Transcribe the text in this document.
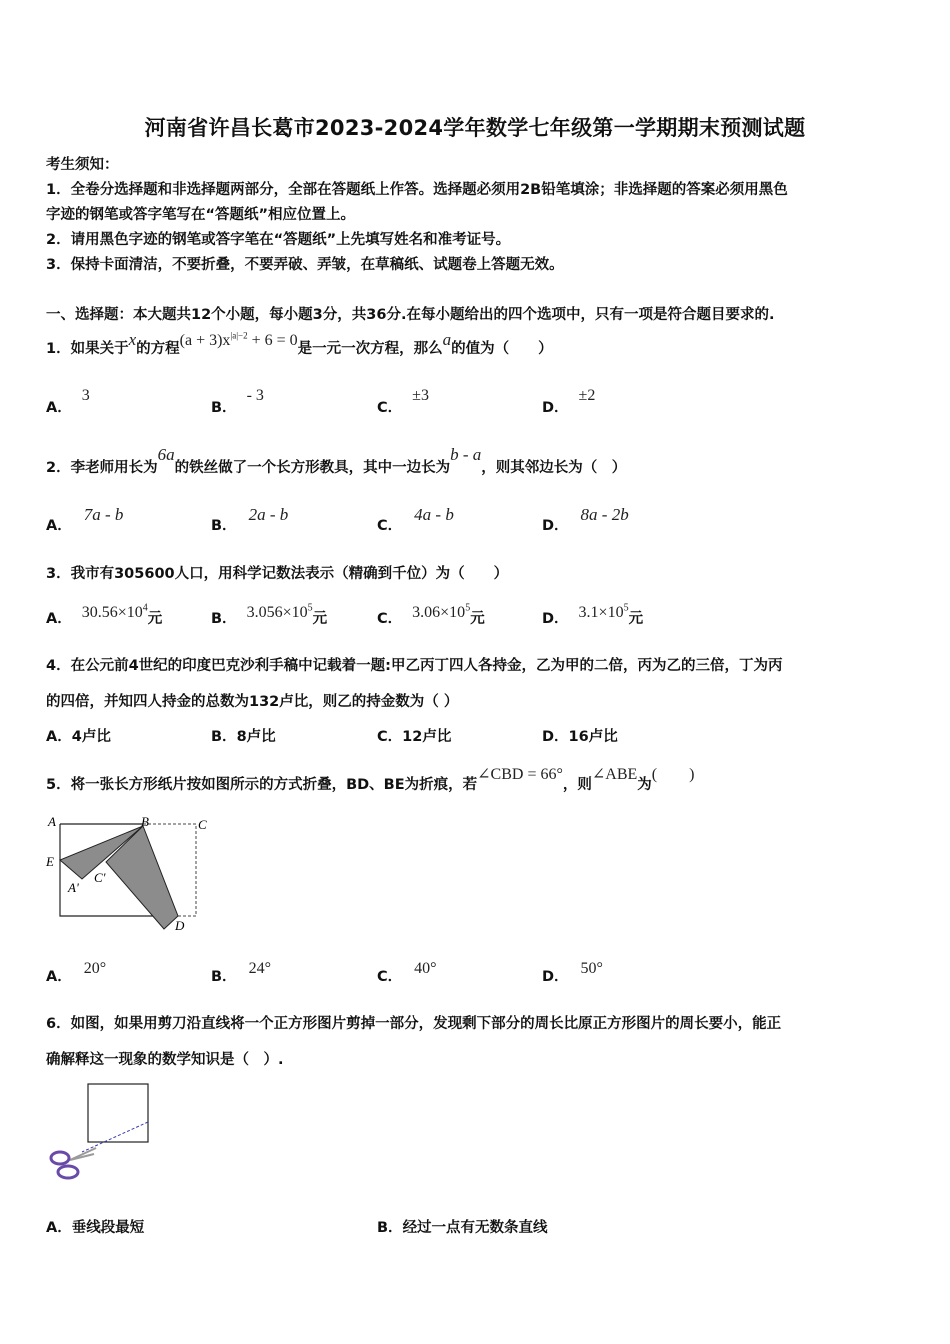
河南省许昌长葛市2023-2024学年数学七年级第一学期期末预测试题
考生须知：
1．全卷分选择题和非选择题两部分，全部在答题纸上作答。选择题必须用2B铅笔填涂；非选择题的答案必须用黑色
字迹的钢笔或答字笔写在“答题纸”相应位置上。
2．请用黑色字迹的钢笔或答字笔在“答题纸”上先填写姓名和准考证号。
3．保持卡面清洁，不要折叠，不要弄破、弄皱，在草稿纸、试题卷上答题无效。
一、选择题：本大题共12个小题，每小题3分，共36分.在每小题给出的四个选项中，只有一项是符合题目要求的.
1．如果关于x的方程$(a + 3)x^{|a|-2} + 6 = 0$是一元一次方程，那么a的值为（　　）
A．3
B．- 3
C．±3
D．±2
2．李老师用长为6a的铁丝做了一个长方形教具，其中一边长为b - a，则其邻边长为（　）
A．7a - b
B．2a - b
C．4a - b
D．8a - 2b
3．我市有305600人口，用科学记数法表示（精确到千位）为（　　）
A． $30.56\times 10^4$元	B． $3.056\times 10^5$元	C． $3.06\times 10^5$元	D． $3.1\times 10^5$元
4．在公元前4世纪的印度巴克沙利手稿中记载着一题:甲乙丙丁四人各持金，乙为甲的二倍，丙为乙的三倍，丁为丙
的四倍，并知四人持金的总数为132卢比，则乙的持金数为（ ）
A．4卢比	B．8卢比	C．12卢比	D．16卢比
5．将一张长方形纸片按如图所示的方式折叠，BD、BE为折痕，若∠CBD = 66°，则∠ABE为(　　)
A	B	C
E
A'
C'
D
A． 20°	B． 24°	C． 40°	D． 50°
6．如图，如果用剪刀沿直线将一个正方形图片剪掉一部分，发现剩下部分的周长比原正方形图片的周长要小，能正
确解释这一现象的数学知识是（　）.
A．垂线段最短	B．经过一点有无数条直线
